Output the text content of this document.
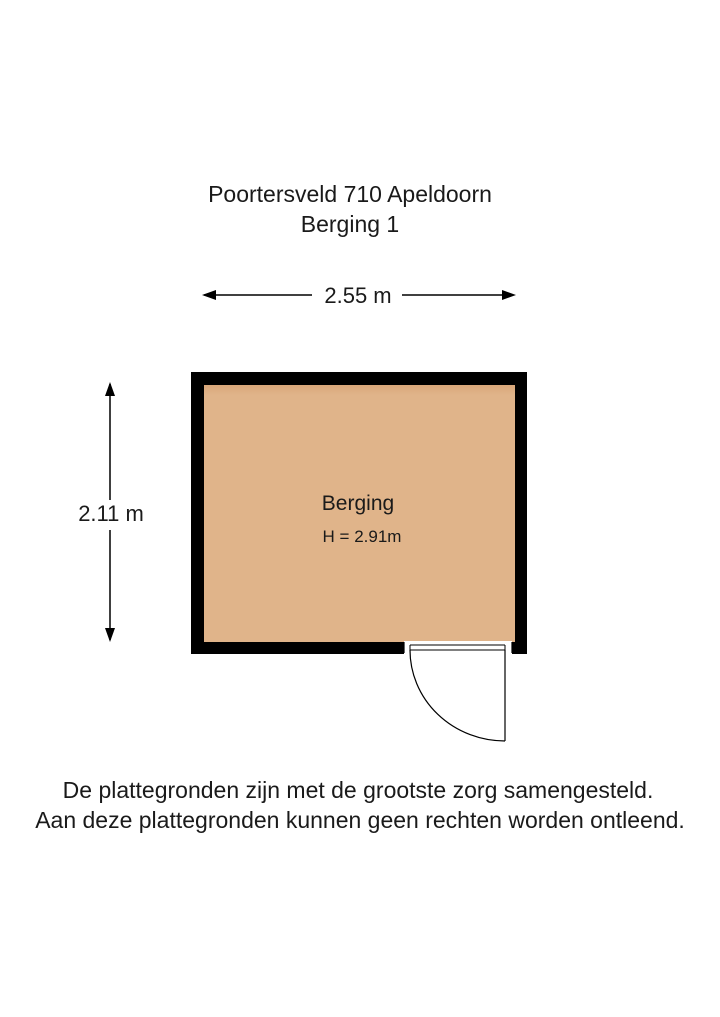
Poortersveld 710 Apeldoorn
Berging 1
2.55 m
2.11 m	Berging
H = 2.91m
De plattegronden zijn met de grootste zorg samengesteld.
Aan deze plattegronden kunnen geen rechten worden ontleend.
